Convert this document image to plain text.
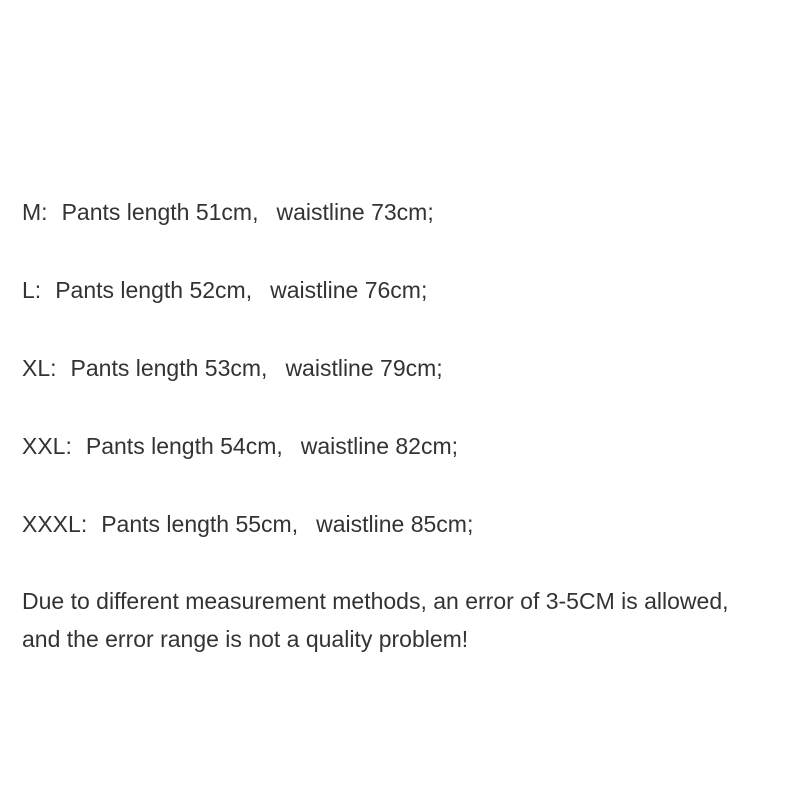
M: Pants length 51cm, waistline 73cm;
L: Pants length 52cm, waistline 76cm;
XL: Pants length 53cm, waistline 79cm;
XXL: Pants length 54cm, waistline 82cm;
XXXL: Pants length 55cm, waistline 85cm;

Due to different measurement methods, an error of 3-5CM is allowed,
and the error range is not a quality problem!
